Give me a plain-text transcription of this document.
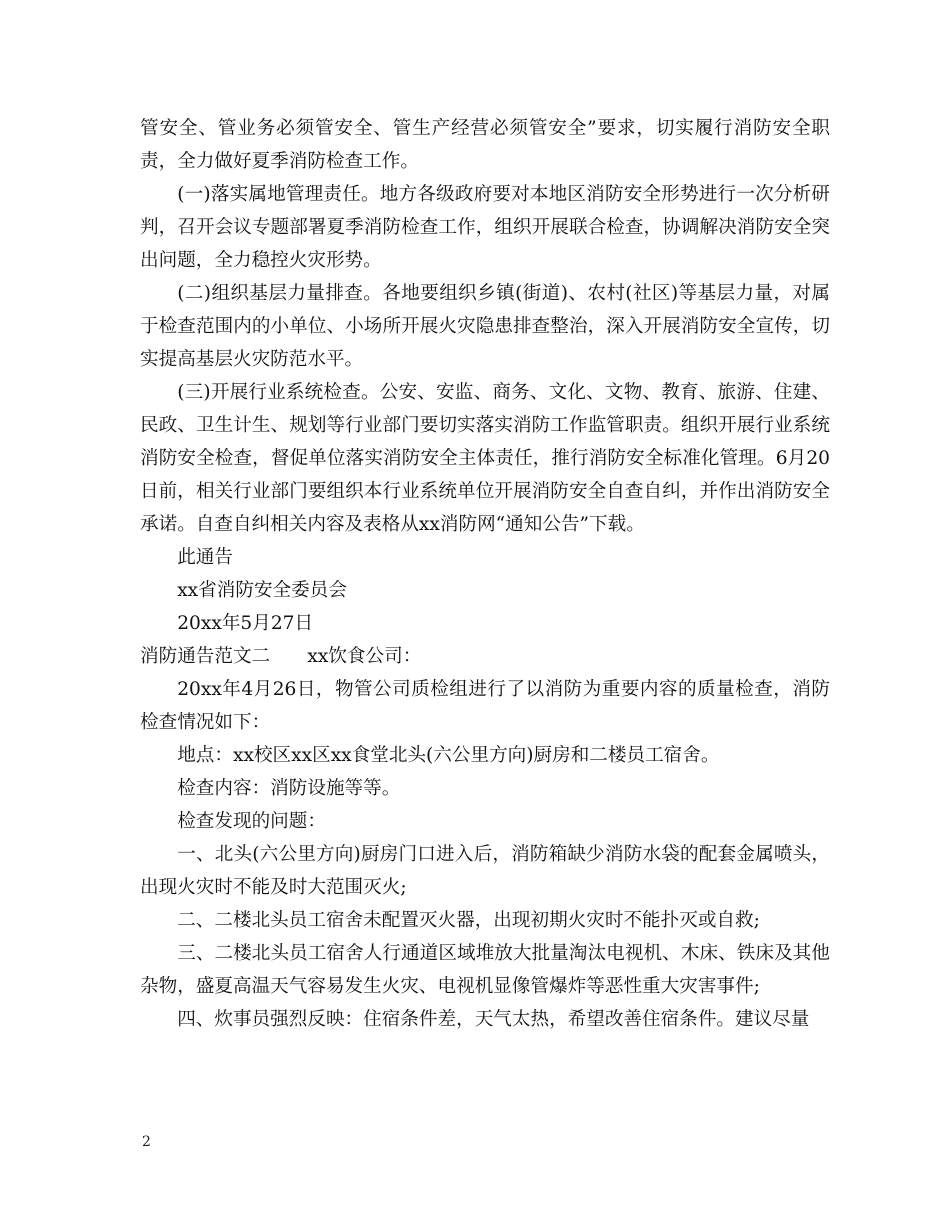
管安全、管业务必须管安全、管生产经营必须管安全”要求，切实履行消防安全职责，全力做好夏季消防检查工作。

(一)落实属地管理责任。地方各级政府要对本地区消防安全形势进行一次分析研判，召开会议专题部署夏季消防检查工作，组织开展联合检查，协调解决消防安全突出问题，全力稳控火灾形势。

(二)组织基层力量排查。各地要组织乡镇(街道)、农村(社区)等基层力量，对属于检查范围内的小单位、小场所开展火灾隐患排查整治，深入开展消防安全宣传，切实提高基层火灾防范水平。

(三)开展行业系统检查。公安、安监、商务、文化、文物、教育、旅游、住建、民政、卫生计生、规划等行业部门要切实落实消防工作监管职责。组织开展行业系统消防安全检查，督促单位落实消防安全主体责任，推行消防安全标准化管理。6月20日前，相关行业部门要组织本行业系统单位开展消防安全自查自纠，并作出消防安全承诺。自查自纠相关内容及表格从xx消防网“通知公告”下载。

此通告

xx省消防安全委员会

20xx年5月27日

消防通告范文二　　xx饮食公司：

20xx年4月26日，物管公司质检组进行了以消防为重要内容的质量检查，消防检查情况如下：

地点：xx校区xx区xx食堂北头(六公里方向)厨房和二楼员工宿舍。

检查内容：消防设施等等。

检查发现的问题：

一、北头(六公里方向)厨房门口进入后，消防箱缺少消防水袋的配套金属喷头，出现火灾时不能及时大范围灭火;

二、二楼北头员工宿舍未配置灭火器，出现初期火灾时不能扑灭或自救;

三、二楼北头员工宿舍人行通道区域堆放大批量淘汰电视机、木床、铁床及其他杂物，盛夏高温天气容易发生火灾、电视机显像管爆炸等恶性重大灾害事件;

四、炊事员强烈反映：住宿条件差，天气太热，希望改善住宿条件。建议尽量

2
